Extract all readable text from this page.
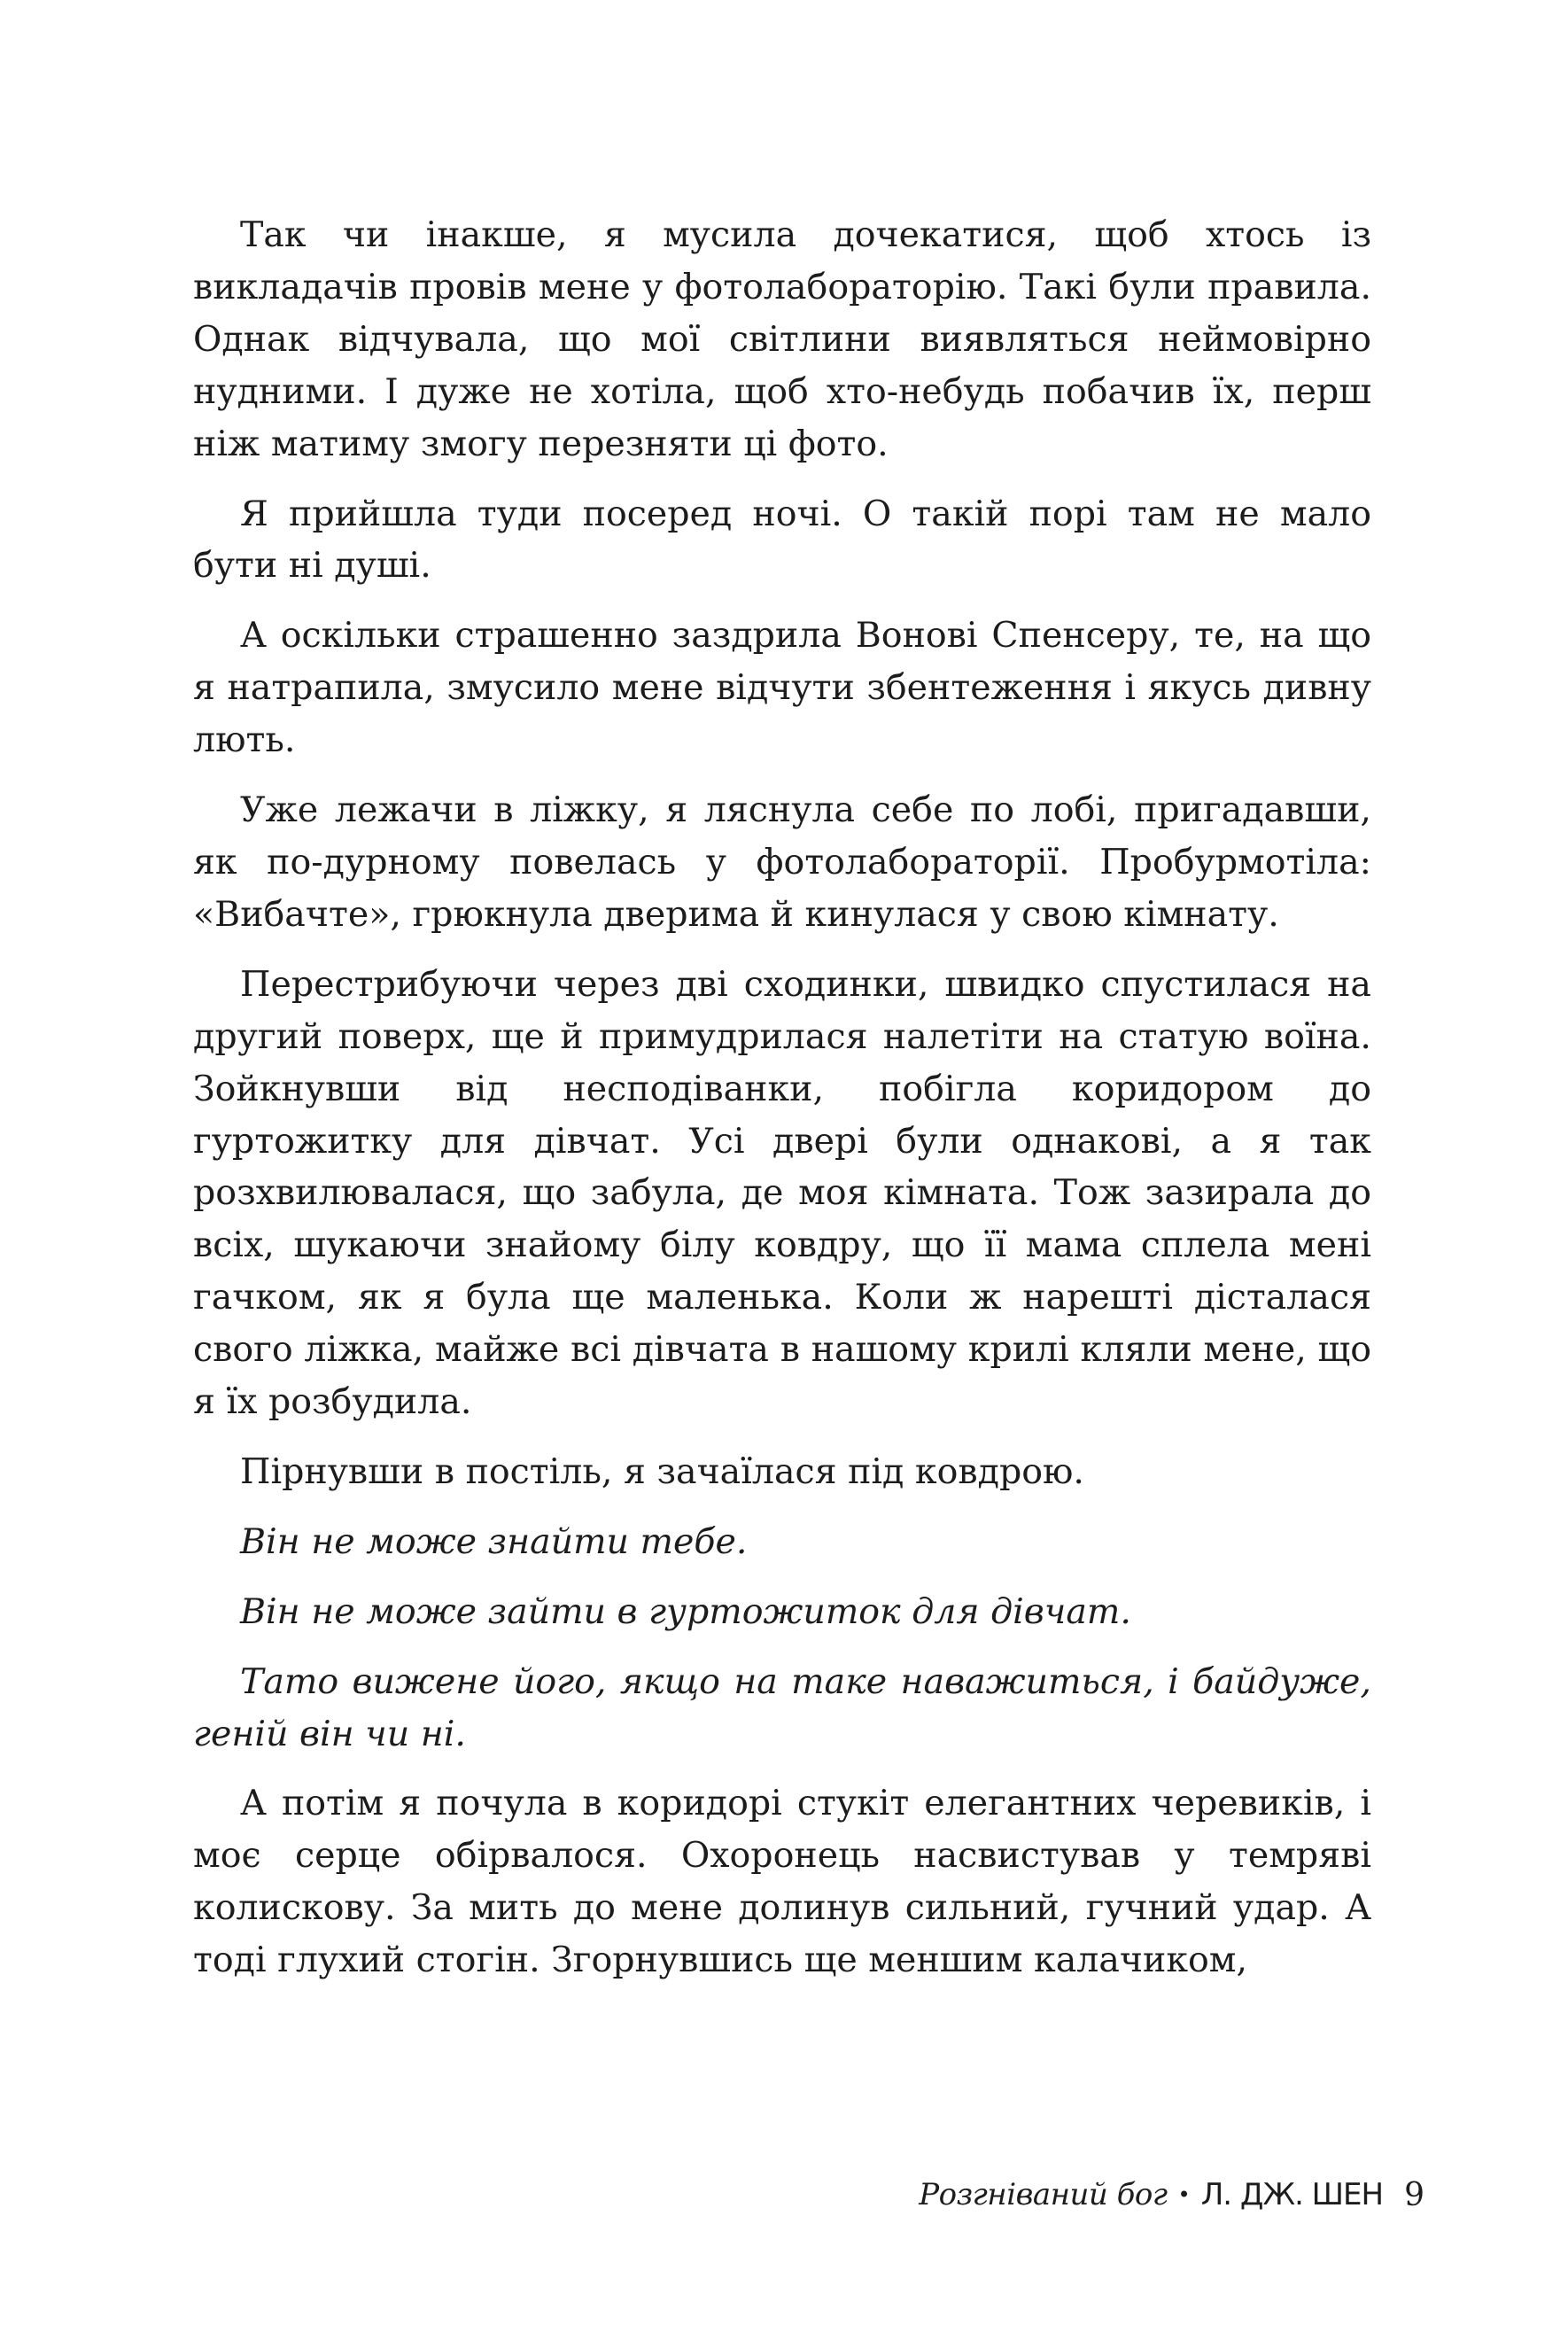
Так чи інакше, я мусила дочекатися, щоб хтось із викладачів провів мене у фотолабораторію. Такі були правила. Однак відчувала, що мої світлини виявляться неймовірно нудними. І дуже не хотіла, щоб хто-небудь побачив їх, перш ніж матиму змогу перезняти ці фото.

Я прийшла туди посеред ночі. О такій порі там не мало бути ні душі.

А оскільки страшенно заздрила Вонові Спенсеру, те, на що я натрапила, змусило мене відчути збентеження і якусь дивну лють.

Уже лежачи в ліжку, я ляснула себе по лобі, пригадавши, як по-дурному повелась у фотолабораторії. Пробурмотіла: «Вибачте», грюкнула дверима й кинулася у свою кімнату.

Перестрибуючи через дві сходинки, швидко спустилася на другий поверх, ще й примудрилася налетіти на статую воїна. Зойкнувши від несподіванки, побігла коридором до гуртожитку для дівчат. Усі двері були однакові, а я так розхвилювалася, що забула, де моя кімната. Тож зазирала до всіх, шукаючи знайому білу ковдру, що її мама сплела мені гачком, як я була ще маленька. Коли ж нарешті дісталася свого ліжка, майже всі дівчата в нашому крилі кляли мене, що я їх розбудила.

Пірнувши в постіль, я зачаїлася під ковдрою.

Він не може знайти тебе.

Він не може зайти в гуртожиток для дівчат.

Тато вижене його, якщо на таке наважиться, і байдуже, геній він чи ні.

А потім я почула в коридорі стукіт елегантних черевиків, і моє серце обірвалося. Охоронець насвистував у темряві колискову. За мить до мене долинув сильний, гучний удар. А тоді глухий стогін. Згорнувшись ще меншим калачиком,

Розгніваний бог • Л. ДЖ. ШЕН 9
